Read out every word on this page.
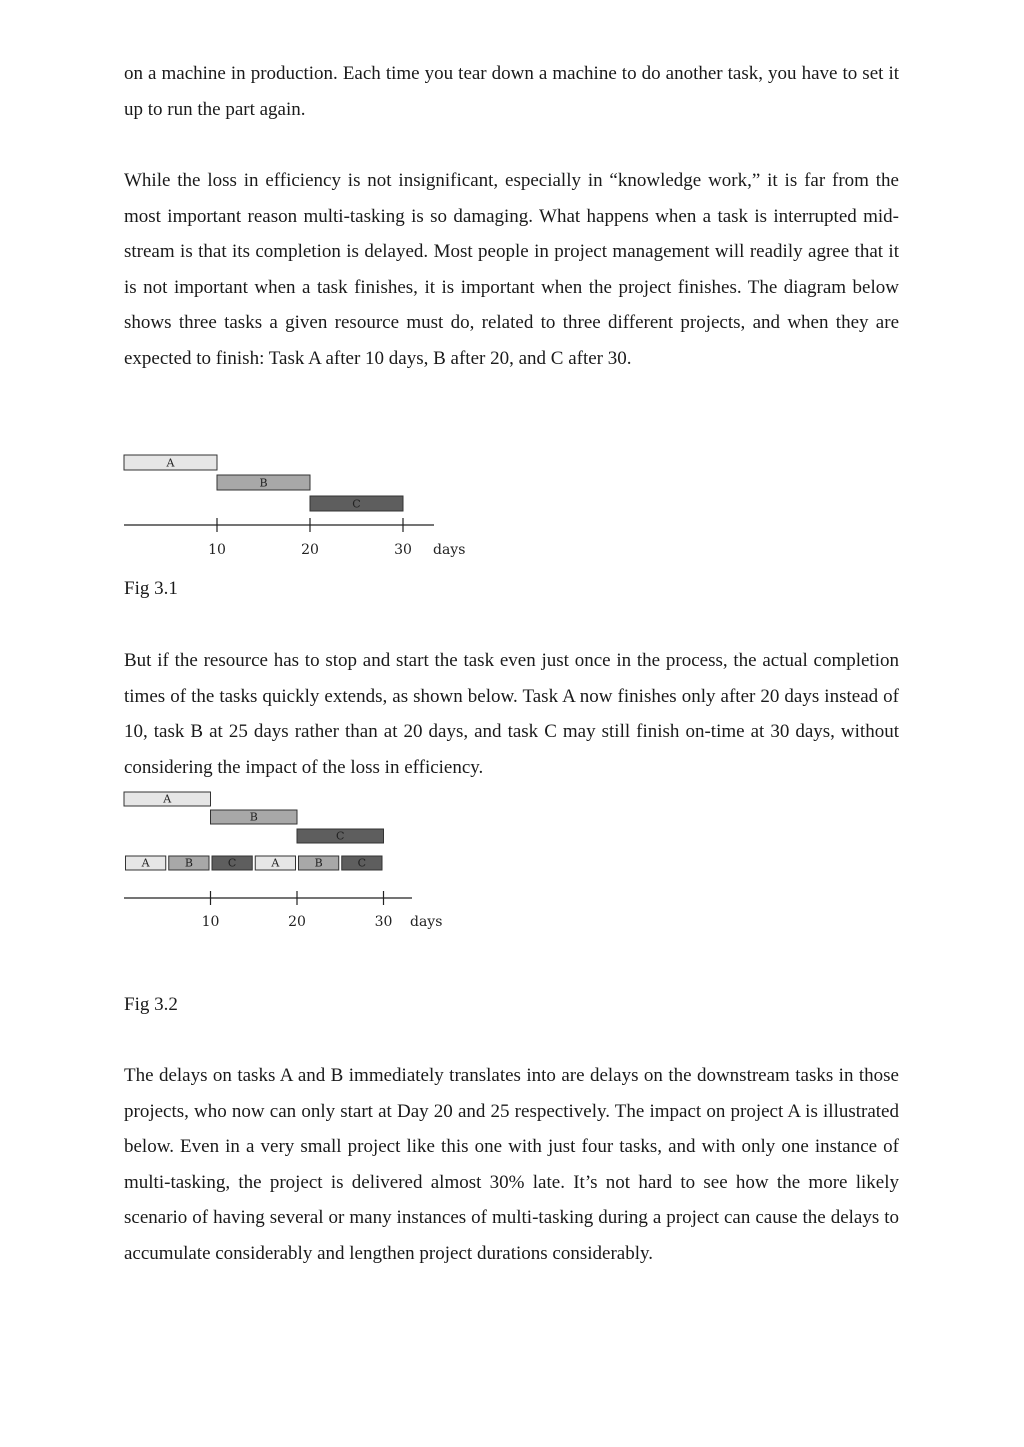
on a machine in production. Each time you tear down a machine to do another task, you have to set it up to run the part again.

While the loss in efficiency is not insignificant, especially in “knowledge work,” it is far from the most important reason multi-tasking is so damaging. What happens when a task is interrupted mid-stream is that its completion is delayed. Most people in project management will readily agree that it is not important when a task finishes, it is important when the project finishes. The diagram below shows three tasks a given resource must do, related to three different projects, and when they are expected to finish: Task A after 10 days, B after 20, and C after 30.

A
B
C
10	20	30 days

Fig 3.1

But if the resource has to stop and start the task even just once in the process, the actual completion times of the tasks quickly extends, as shown below. Task A now finishes only after 20 days instead of 10, task B at 25 days rather than at 20 days, and task C may still finish on-time at 30 days, without considering the impact of the loss in efficiency.

A
B
C
A	B	C	A	B	C
10	20	30 days

Fig 3.2

The delays on tasks A and B immediately translates into are delays on the downstream tasks in those projects, who now can only start at Day 20 and 25 respectively. The impact on project A is illustrated below. Even in a very small project like this one with just four tasks, and with only one instance of multi-tasking, the project is delivered almost 30% late. It’s not hard to see how the more likely scenario of having several or many instances of multi-tasking during a project can cause the delays to accumulate considerably and lengthen project durations considerably.
